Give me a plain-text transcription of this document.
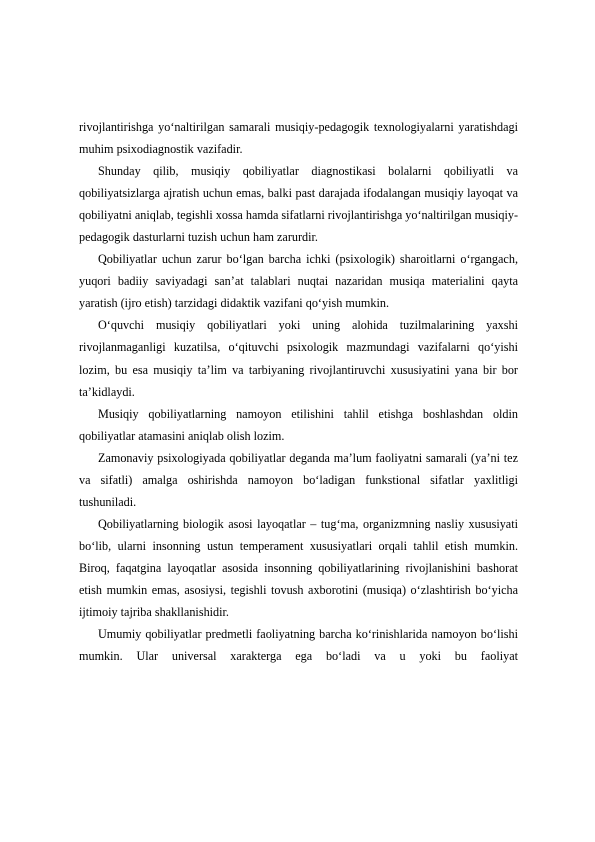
rivojlantirishga yo‘naltirilgan samarali musiqiy-pedagogik texnologiyalarni yaratishdagi muhim psixodiagnostik vazifadir.

Shunday qilib, musiqiy qobiliyatlar diagnostikasi bolalarni qobiliyatli va qobiliyatsizlarga ajratish uchun emas, balki past darajada ifodalangan musiqiy layoqat va qobiliyatni aniqlab, tegishli xossa hamda sifatlarni rivojlantirishga yo‘naltirilgan musiqiy-pedagogik dasturlarni tuzish uchun ham zarurdir.

Qobiliyatlar uchun zarur bo‘lgan barcha ichki (psixologik) sharoitlarni o‘rgangach, yuqori badiiy saviyadagi san’at talablari nuqtai nazaridan musiqa materialini qayta yaratish (ijro etish) tarzidagi didaktik vazifani qo‘yish mumkin.

O‘quvchi musiqiy qobiliyatlari yoki uning alohida tuzilmalarining yaxshi rivojlanmaganligi kuzatilsa, o‘qituvchi psixologik mazmundagi vazifalarni qo‘yishi lozim, bu esa musiqiy ta’lim va tarbiyaning rivojlantiruvchi xususiyatini yana bir bor ta’kidlaydi.

Musiqiy qobiliyatlarning namoyon etilishini tahlil etishga boshlashdan oldin qobiliyatlar atamasini aniqlab olish lozim.

Zamonaviy psixologiyada qobiliyatlar deganda ma’lum faoliyatni samarali (ya’ni tez va sifatli) amalga oshirishda namoyon bo‘ladigan funkstional sifatlar yaxlitligi tushuniladi.

Qobiliyatlarning biologik asosi layoqatlar – tug‘ma, organizmning nasliy xususiyati bo‘lib, ularni insonning ustun temperament xususiyatlari orqali tahlil etish mumkin. Biroq, faqatgina layoqatlar asosida insonning qobiliyatlarining rivojlanishini bashorat etish mumkin emas, asosiysi, tegishli tovush axborotini (musiqa) o‘zlashtirish bo‘yicha ijtimoiy tajriba shakllanishidir.

Umumiy qobiliyatlar predmetli faoliyatning barcha ko‘rinishlarida namoyon bo‘lishi mumkin. Ular universal xarakterga ega bo‘ladi va u yoki bu faoliyat
